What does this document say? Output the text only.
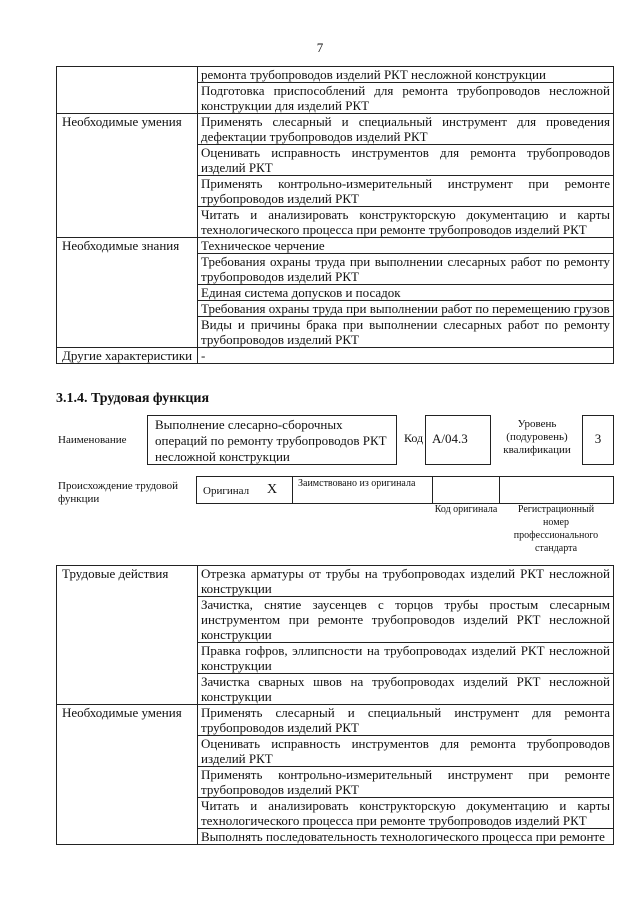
7
	ремонта трубопроводов изделий РКТ несложной конструкции
	Подготовка приспособлений для ремонта трубопроводов несложной конструкции для изделий РКТ
Необходимые умения	Применять слесарный и специальный инструмент для проведения дефектации трубопроводов изделий РКТ
	Оценивать исправность инструментов для ремонта трубопроводов изделий РКТ
	Применять контрольно-измерительный инструмент при ремонте трубопроводов изделий РКТ
	Читать и анализировать конструкторскую документацию и карты технологического процесса при ремонте трубопроводов изделий РКТ
Необходимые знания	Техническое черчение
	Требования охраны труда при выполнении слесарных работ по ремонту трубопроводов изделий РКТ
	Единая система допусков и посадок
	Требования охраны труда при выполнении работ по перемещению грузов
	Виды и причины брака при выполнении слесарных работ по ремонту трубопроводов изделий РКТ
Другие характеристики	-
3.1.4. Трудовая функция
Наименование
Выполнение слесарно-сборочных операций по ремонту трубопроводов РКТ несложной конструкции
Код А/04.3
Уровень (подуровень) квалификации
3
Происхождение трудовой функции
Оригинал X Заимствовано из оригинала
Код оригинала	Регистрационный номер профессионального стандарта
Трудовые действия	Отрезка арматуры от трубы на трубопроводах изделий РКТ несложной конструкции
	Зачистка, снятие заусенцев с торцов трубы простым слесарным инструментом при ремонте трубопроводов изделий РКТ несложной конструкции
	Правка гофров, эллипсности на трубопроводах изделий РКТ несложной конструкции
	Зачистка сварных швов на трубопроводах изделий РКТ несложной конструкции
Необходимые умения	Применять слесарный и специальный инструмент для ремонта трубопроводов изделий РКТ
	Оценивать исправность инструментов для ремонта трубопроводов изделий РКТ
	Применять контрольно-измерительный инструмент при ремонте трубопроводов изделий РКТ
	Читать и анализировать конструкторскую документацию и карты технологического процесса при ремонте трубопроводов изделий РКТ
	Выполнять последовательность технологического процесса при ремонте
